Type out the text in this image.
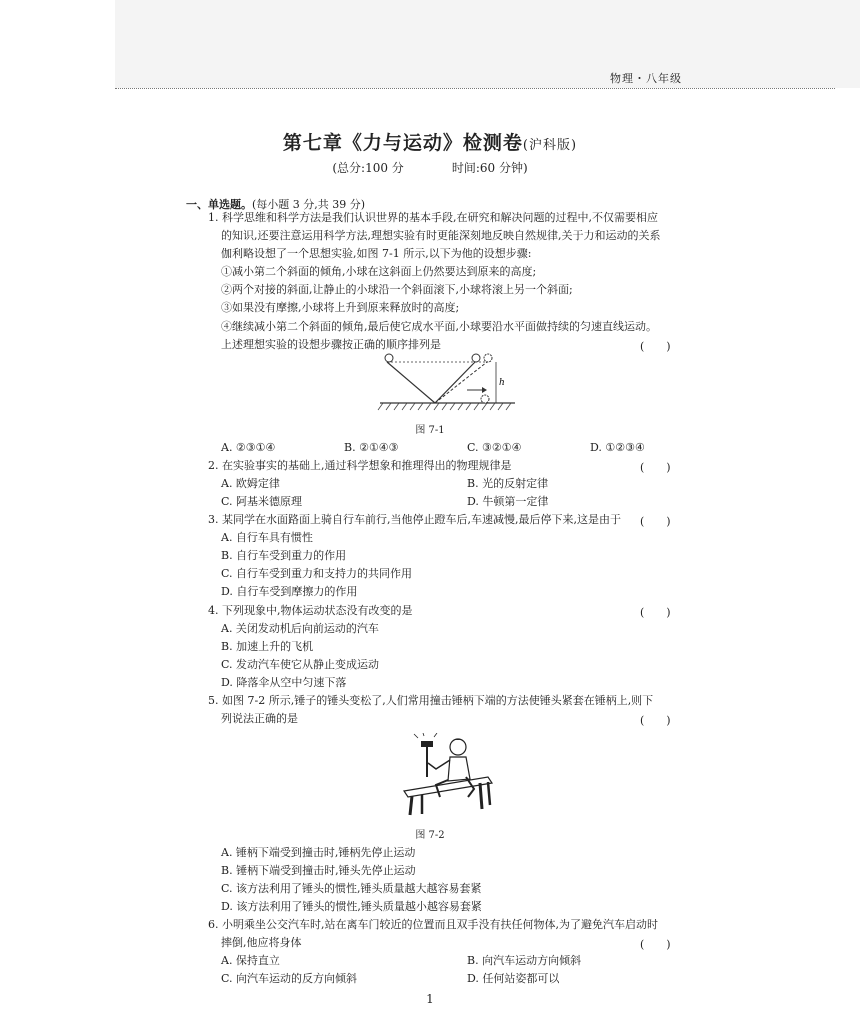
物理・八年级
第七章《力与运动》检测卷(沪科版)
(总分:100 分	时间:60 分钟)
一、单选题。(每小题 3 分,共 39 分)
1. 科学思维和科学方法是我们认识世界的基本手段,在研究和解决问题的过程中,不仅需要相应
的知识,还要注意运用科学方法,理想实验有时更能深刻地反映自然规律,关于力和运动的关系
伽利略设想了一个思想实验,如图 7-1 所示,以下为他的设想步骤:
①减小第二个斜面的倾角,小球在这斜面上仍然要达到原来的高度;
②两个对接的斜面,让静止的小球沿一个斜面滚下,小球将滚上另一个斜面;
③如果没有摩擦,小球将上升到原来释放时的高度;
④继续减小第二个斜面的倾角,最后使它成水平面,小球要沿水平面做持续的匀速直线运动。
上述理想实验的设想步骤按正确的顺序排列是	(　　)
h
图 7-1
A. ②③①④	B. ②①④③	C. ③②①④	D. ①②③④
2. 在实验事实的基础上,通过科学想象和推理得出的物理规律是	(　　)
A. 欧姆定律	B. 光的反射定律
C. 阿基米德原理	D. 牛顿第一定律
3. 某同学在水面路面上骑自行车前行,当他停止蹬车后,车速减慢,最后停下来,这是由于 (　　)
A. 自行车具有惯性
B. 自行车受到重力的作用
C. 自行车受到重力和支持力的共同作用
D. 自行车受到摩擦力的作用
4. 下列现象中,物体运动状态没有改变的是	(　　)
A. 关闭发动机后向前运动的汽车
B. 加速上升的飞机
C. 发动汽车使它从静止变成运动
D. 降落伞从空中匀速下落
5. 如图 7-2 所示,锤子的锤头变松了,人们常用撞击锤柄下端的方法使锤头紧套在锤柄上,则下
列说法正确的是	(　　)
图 7-2
A. 锤柄下端受到撞击时,锤柄先停止运动
B. 锤柄下端受到撞击时,锤头先停止运动
C. 该方法利用了锤头的惯性,锤头质量越大越容易套紧
D. 该方法利用了锤头的惯性,锤头质量越小越容易套紧
6. 小明乘坐公交汽车时,站在离车门较近的位置而且双手没有扶任何物体,为了避免汽车启动时
摔倒,他应将身体	(　　)
A. 保持直立	B. 向汽车运动方向倾斜
C. 向汽车运动的反方向倾斜	D. 任何站姿都可以
1
